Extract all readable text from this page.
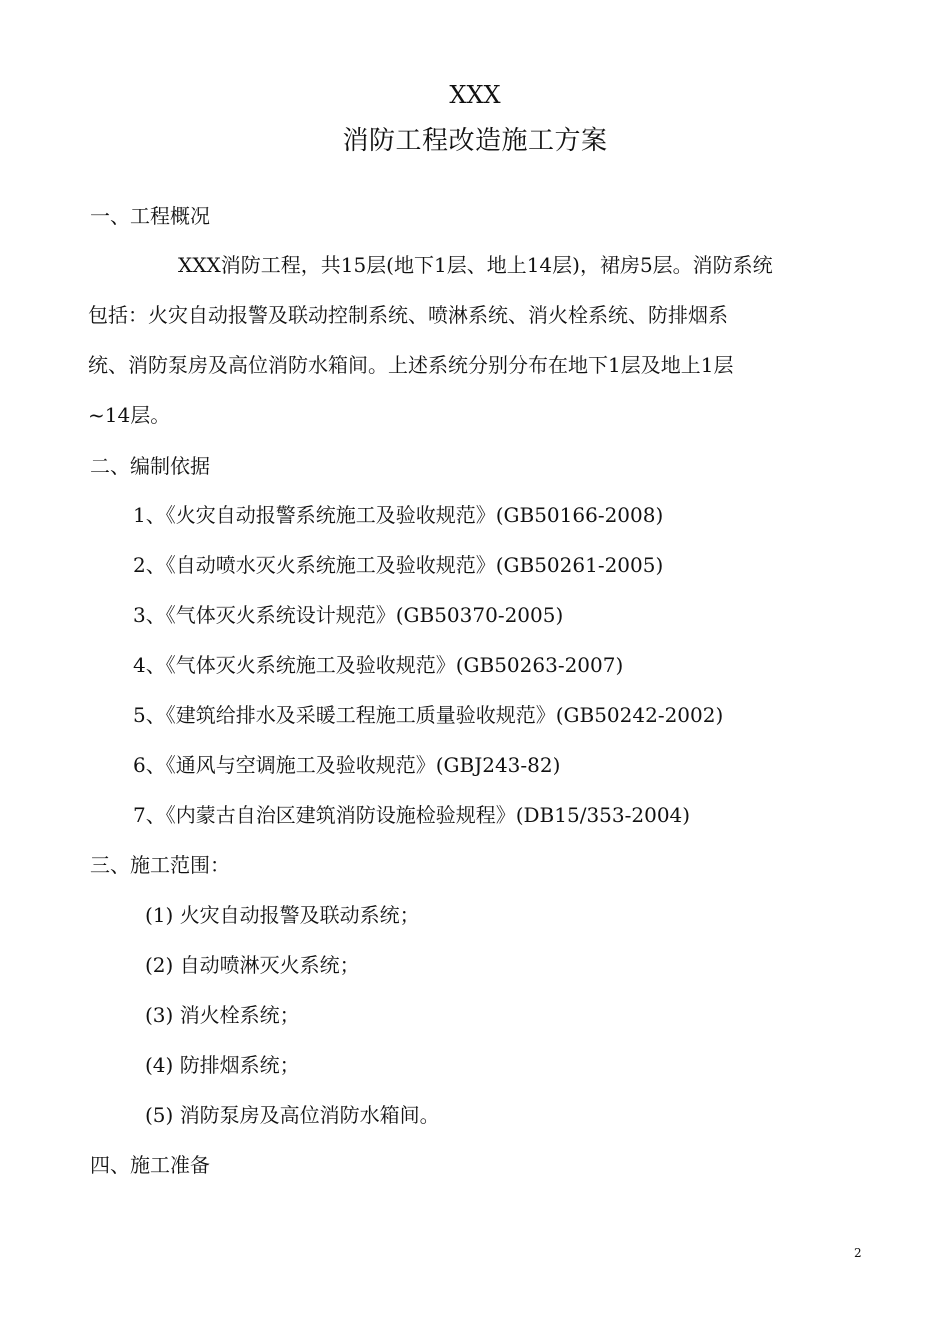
XXX
消防工程改造施工方案
一、工程概况
XXX消防工程，共15层(地下1层、地上14层)，裙房5层。消防系统
包括：火灾自动报警及联动控制系统、喷淋系统、消火栓系统、防排烟系
统、消防泵房及高位消防水箱间。上述系统分别分布在地下1层及地上1层
~14层。
二、编制依据
1、《火灾自动报警系统施工及验收规范》(GB50166-2008)
2、《自动喷水灭火系统施工及验收规范》(GB50261-2005)
3、《气体灭火系统设计规范》(GB50370-2005)
4、《气体灭火系统施工及验收规范》(GB50263-2007)
5、《建筑给排水及采暖工程施工质量验收规范》(GB50242-2002)
6、《通风与空调施工及验收规范》(GBJ243-82)
7、《内蒙古自治区建筑消防设施检验规程》(DB15/353-2004)
三、施工范围：
(1) 火灾自动报警及联动系统；
(2) 自动喷淋灭火系统；
(3) 消火栓系统；
(4) 防排烟系统；
(5) 消防泵房及高位消防水箱间。
四、施工准备
2
